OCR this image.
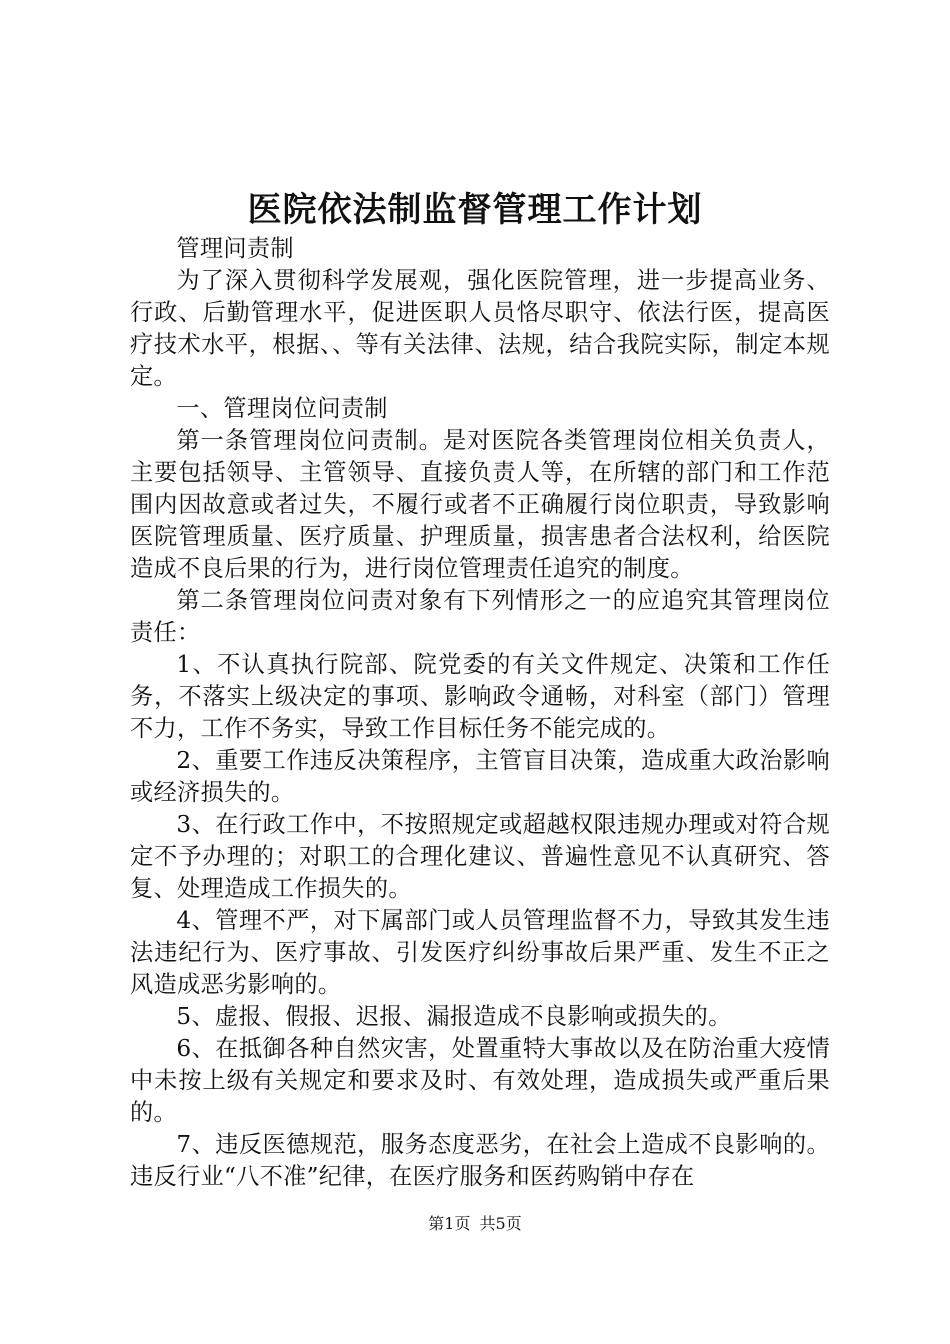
医院依法制监督管理工作计划

管理问责制

为了深入贯彻科学发展观，强化医院管理，进一步提高业务、行政、后勤管理水平，促进医职人员恪尽职守、依法行医，提高医疗技术水平，根据、、等有关法律、法规，结合我院实际，制定本规定。

一、管理岗位问责制

第一条管理岗位问责制。是对医院各类管理岗位相关负责人，主要包括领导、主管领导、直接负责人等，在所辖的部门和工作范围内因故意或者过失，不履行或者不正确履行岗位职责，导致影响医院管理质量、医疗质量、护理质量，损害患者合法权利，给医院造成不良后果的行为，进行岗位管理责任追究的制度。

第二条管理岗位问责对象有下列情形之一的应追究其管理岗位责任：

1、不认真执行院部、院党委的有关文件规定、决策和工作任务，不落实上级决定的事项、影响政令通畅，对科室（部门）管理不力，工作不务实，导致工作目标任务不能完成的。

2、重要工作违反决策程序，主管盲目决策，造成重大政治影响或经济损失的。

3、在行政工作中，不按照规定或超越权限违规办理或对符合规定不予办理的；对职工的合理化建议、普遍性意见不认真研究、答复、处理造成工作损失的。

4、管理不严，对下属部门或人员管理监督不力，导致其发生违法违纪行为、医疗事故、引发医疗纠纷事故后果严重、发生不正之风造成恶劣影响的。

5、虚报、假报、迟报、漏报造成不良影响或损失的。

6、在抵御各种自然灾害，处置重特大事故以及在防治重大疫情中未按上级有关规定和要求及时、有效处理，造成损失或严重后果的。

7、违反医德规范，服务态度恶劣，在社会上造成不良影响的。违反行业“八不准”纪律，在医疗服务和医药购销中存在

第1页 共5页
